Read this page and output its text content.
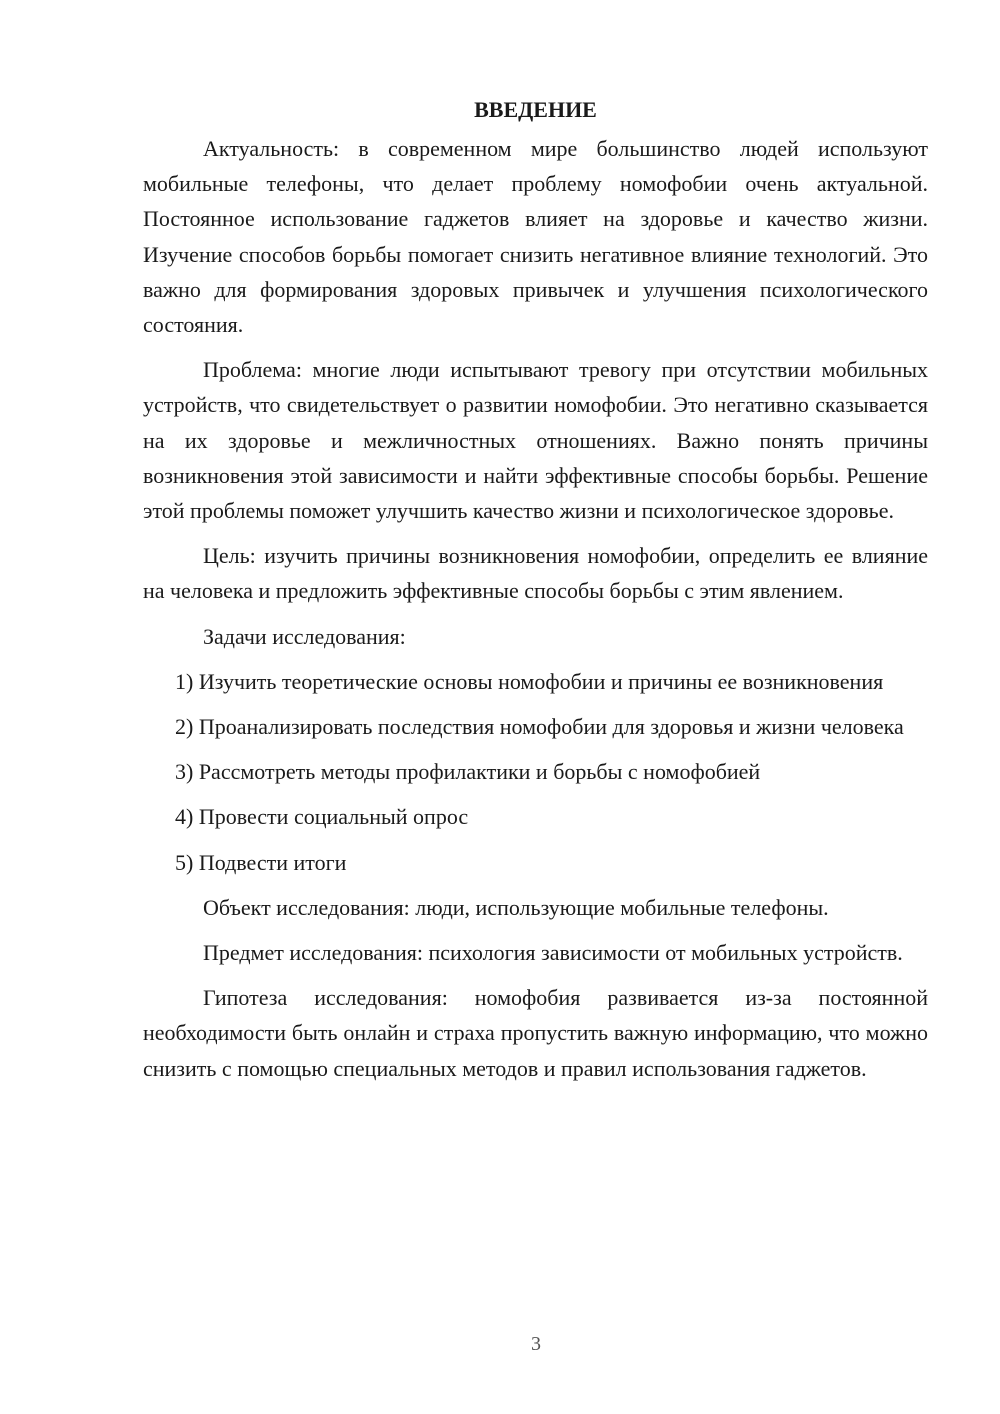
ВВЕДЕНИЕ

Актуальность: в современном мире большинство людей используют мобильные телефоны, что делает проблему номофобии очень актуальной. Постоянное использование гаджетов влияет на здоровье и качество жизни. Изучение способов борьбы помогает снизить негативное влияние технологий. Это важно для формирования здоровых привычек и улучшения психологического состояния.

Проблема: многие люди испытывают тревогу при отсутствии мобильных устройств, что свидетельствует о развитии номофобии. Это негативно сказывается на их здоровье и межличностных отношениях. Важно понять причины возникновения этой зависимости и найти эффективные способы борьбы. Решение этой проблемы поможет улучшить качество жизни и психологическое здоровье.

Цель: изучить причины возникновения номофобии, определить ее влияние на человека и предложить эффективные способы борьбы с этим явлением.

Задачи исследования:

1) Изучить теоретические основы номофобии и причины ее возникновения

2) Проанализировать последствия номофобии для здоровья и жизни человека

3) Рассмотреть методы профилактики и борьбы с номофобией

4) Провести социальный опрос

5) Подвести итоги

Объект исследования: люди, использующие мобильные телефоны.

Предмет исследования: психология зависимости от мобильных устройств.

Гипотеза исследования: номофобия развивается из-за постоянной необходимости быть онлайн и страха пропустить важную информацию, что можно снизить с помощью специальных методов и правил использования гаджетов.

3
